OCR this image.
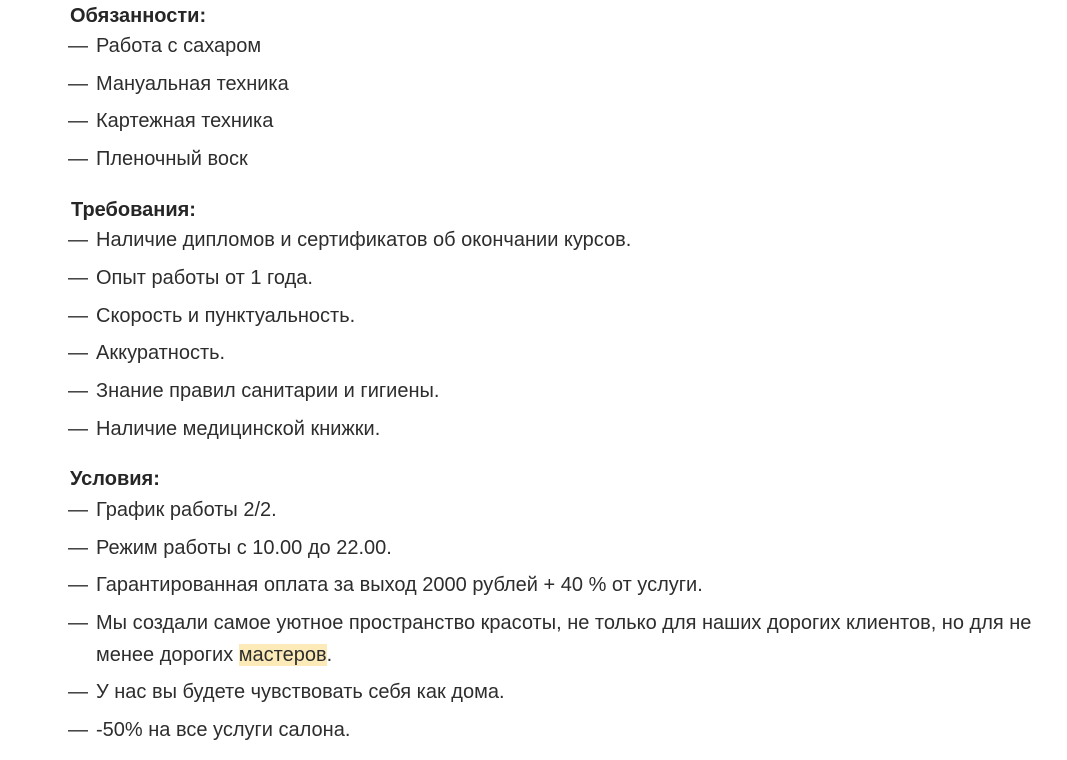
Обязанности:
— Работа с сахаром
— Мануальная техника
— Картежная техника
— Пленочный воск
Требования:
— Наличие дипломов и сертификатов об окончании курсов.
— Опыт работы от 1 года.
— Скорость и пунктуальность.
— Аккуратность.
— Знание правил санитарии и гигиены.
— Наличие медицинской книжки.
Условия:
— График работы 2/2.
— Режим работы с 10.00 до 22.00.
— Гарантированная оплата за выход 2000 рублей + 40 % от услуги.
— Мы создали самое уютное пространство красоты, не только для наших дорогих клиентов, но для не менее дорогих мастеров.
— У нас вы будете чувствовать себя как дома.
— -50% на все услуги салона.
